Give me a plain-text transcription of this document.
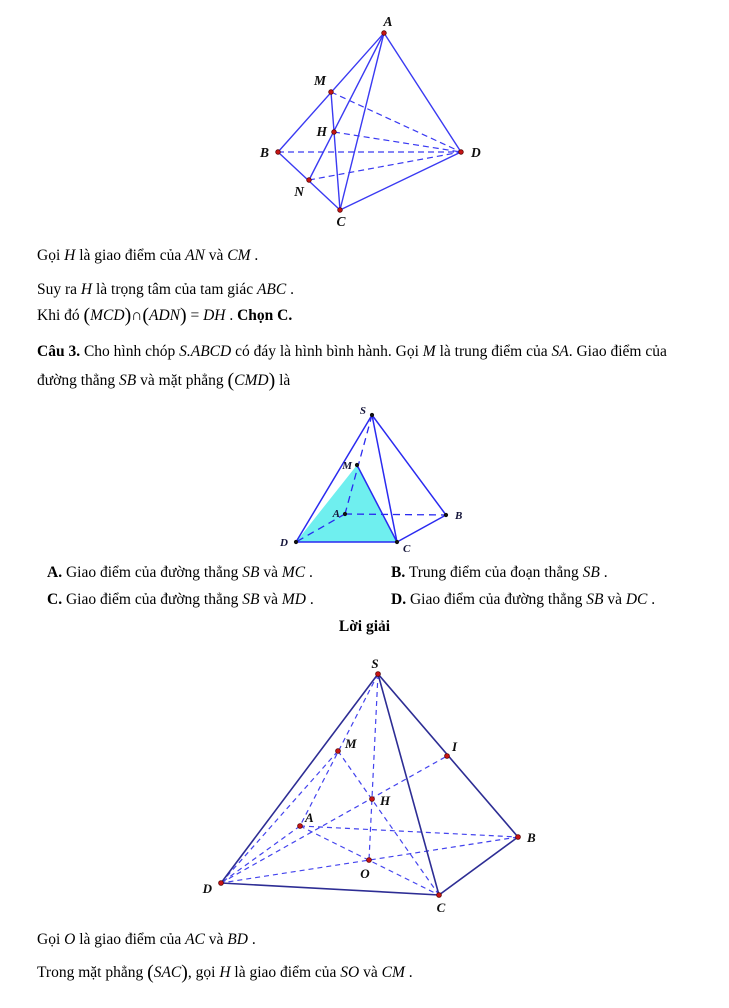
A
M
H
B	D
N
C
S
M
A	B
D	C
S
M	I
H
A
B
O
D
C
Gọi H là giao điểm của AN và CM .
Suy ra H là trọng tâm của tam giác ABC .
Khi đó (MCD)∩(ADN) = DH . Chọn C.
Câu 3. Cho hình chóp S.ABCD có đáy là hình bình hành. Gọi M là trung điểm của SA. Giao điểm của
đường thẳng SB và mặt phẳng (CMD) là
A. Giao điểm của đường thẳng SB và MC .	B. Trung điểm của đoạn thẳng SB .
C. Giao điểm của đường thẳng SB và MD .	D. Giao điểm của đường thẳng SB và DC .
Lời giải
Gọi O là giao điểm của AC và BD .
Trong mặt phẳng (SAC), gọi H là giao điểm của SO và CM .
